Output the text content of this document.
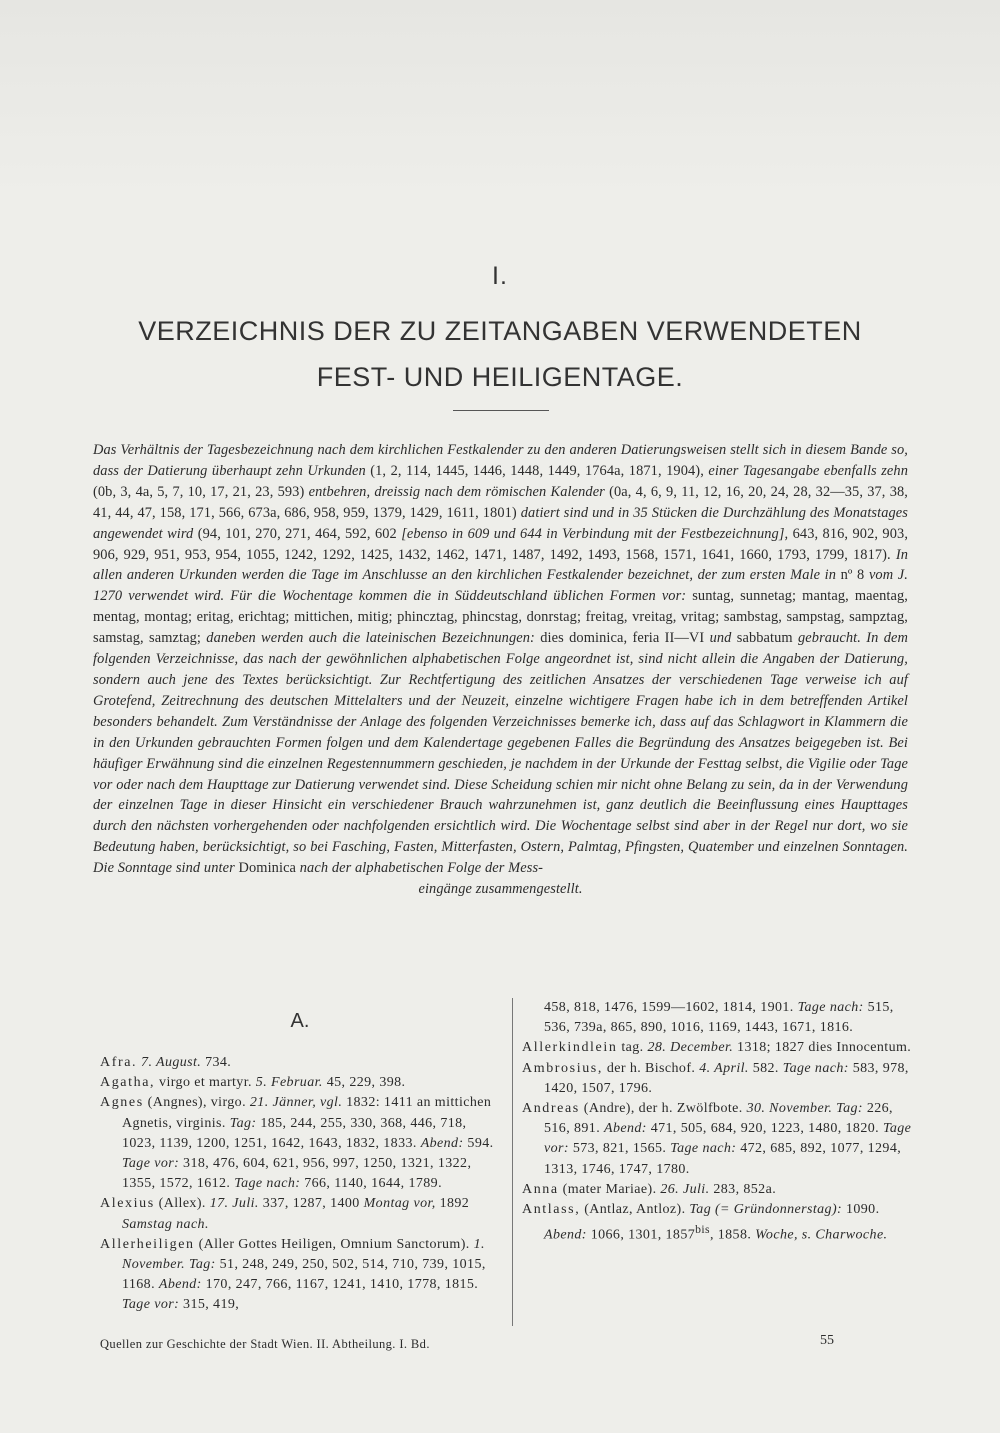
I.
VERZEICHNIS DER ZU ZEITANGABEN VERWENDETEN
FEST- UND HEILIGENTAGE.
Das Verhältnis der Tagesbezeichnung nach dem kirchlichen Festkalender zu den anderen Datierungsweisen stellt sich in diesem Bande so, dass der Datierung überhaupt zehn Urkunden (1, 2, 114, 1445, 1446, 1448, 1449, 1764a, 1871, 1904), einer Tagesangabe ebenfalls zehn (0b, 3, 4a, 5, 7, 10, 17, 21, 23, 593) entbehren, dreissig nach dem römischen Kalender (0a, 4, 6, 9, 11, 12, 16, 20, 24, 28, 32—35, 37, 38, 41, 44, 47, 158, 171, 566, 673a, 686, 958, 959, 1379, 1429, 1611, 1801) datiert sind und in 35 Stücken die Durchzählung des Monatstages angewendet wird (94, 101, 270, 271, 464, 592, 602 [ebenso in 609 und 644 in Verbindung mit der Festbezeichnung], 643, 816, 902, 903, 906, 929, 951, 953, 954, 1055, 1242, 1292, 1425, 1432, 1462, 1471, 1487, 1492, 1493, 1568, 1571, 1641, 1660, 1793, 1799, 1817). In allen anderen Urkunden werden die Tage im Anschlusse an den kirchlichen Festkalender bezeichnet, der zum ersten Male in nº 8 vom J. 1270 verwendet wird. Für die Wochentage kommen die in Süddeutschland üblichen Formen vor: suntag, sunnetag; mantag, maentag, mentag, montag; eritag, erichtag; mittichen, mitig; phincztag, phincstag, donrstag; freitag, vreitag, vritag; sambstag, sampstag, sampztag, samstag, samztag; daneben werden auch die lateinischen Bezeichnungen: dies dominica, feria II—VI und sabbatum gebraucht. In dem folgenden Verzeichnisse, das nach der gewöhnlichen alphabetischen Folge angeordnet ist, sind nicht allein die Angaben der Datierung, sondern auch jene des Textes berücksichtigt. Zur Rechtfertigung des zeitlichen Ansatzes der verschiedenen Tage verweise ich auf Grotefend, Zeitrechnung des deutschen Mittelalters und der Neuzeit, einzelne wichtigere Fragen habe ich in dem betreffenden Artikel besonders behandelt. Zum Verständnisse der Anlage des folgenden Verzeichnisses bemerke ich, dass auf das Schlagwort in Klammern die in den Urkunden gebrauchten Formen folgen und dem Kalendertage gegebenen Falles die Begründung des Ansatzes beigegeben ist. Bei häufiger Erwähnung sind die einzelnen Regestennummern geschieden, je nachdem in der Urkunde der Festtag selbst, die Vigilie oder Tage vor oder nach dem Haupttage zur Datierung verwendet sind. Diese Scheidung schien mir nicht ohne Belang zu sein, da in der Verwendung der einzelnen Tage in dieser Hinsicht ein verschiedener Brauch wahrzunehmen ist, ganz deutlich die Beeinflussung eines Haupttages durch den nächsten vorhergehenden oder nachfolgenden ersichtlich wird. Die Wochentage selbst sind aber in der Regel nur dort, wo sie Bedeutung haben, berücksichtigt, so bei Fasching, Fasten, Mitterfasten, Ostern, Palmtag, Pfingsten, Quatember und einzelnen Sonntagen. Die Sonntage sind unter Dominica nach der alphabetischen Folge der Mess-
eingänge zusammengestellt.
A.
Afra. 7. August. 734.
Agatha, virgo et martyr. 5. Februar. 45, 229, 398.
Agnes (Angnes), virgo. 21. Jänner, vgl. 1832: 1411 an mittichen Agnetis, virginis. Tag: 185, 244, 255, 330, 368, 446, 718, 1023, 1139, 1200, 1251, 1642, 1643, 1832, 1833. Abend: 594. Tage vor: 318, 476, 604, 621, 956, 997, 1250, 1321, 1322, 1355, 1572, 1612. Tage nach: 766, 1140, 1644, 1789.
Alexius (Allex). 17. Juli. 337, 1287, 1400 Montag vor, 1892 Samstag nach.
Allerheiligen (Aller Gottes Heiligen, Omnium Sanctorum). 1. November. Tag: 51, 248, 249, 250, 502, 514, 710, 739, 1015, 1168. Abend: 170, 247, 766, 1167, 1241, 1410, 1778, 1815. Tage vor: 315, 419,
458, 818, 1476, 1599—1602, 1814, 1901. Tage nach: 515, 536, 739a, 865, 890, 1016, 1169, 1443, 1671, 1816.
Allerkindlein tag. 28. December. 1318; 1827 dies Innocentum.
Ambrosius, der h. Bischof. 4. April. 582. Tage nach: 583, 978, 1420, 1507, 1796.
Andreas (Andre), der h. Zwölfbote. 30. November. Tag: 226, 516, 891. Abend: 471, 505, 684, 920, 1223, 1480, 1820. Tage vor: 573, 821, 1565. Tage nach: 472, 685, 892, 1077, 1294, 1313, 1746, 1747, 1780.
Anna (mater Mariae). 26. Juli. 283, 852a.
Antlass, (Antlaz, Antloz). Tag (= Gründonnerstag): 1090. Abend: 1066, 1301, $1857^{bis}$, 1858. Woche, s. Charwoche.
Quellen zur Geschichte der Stadt Wien. II. Abtheilung. I. Bd.	55
